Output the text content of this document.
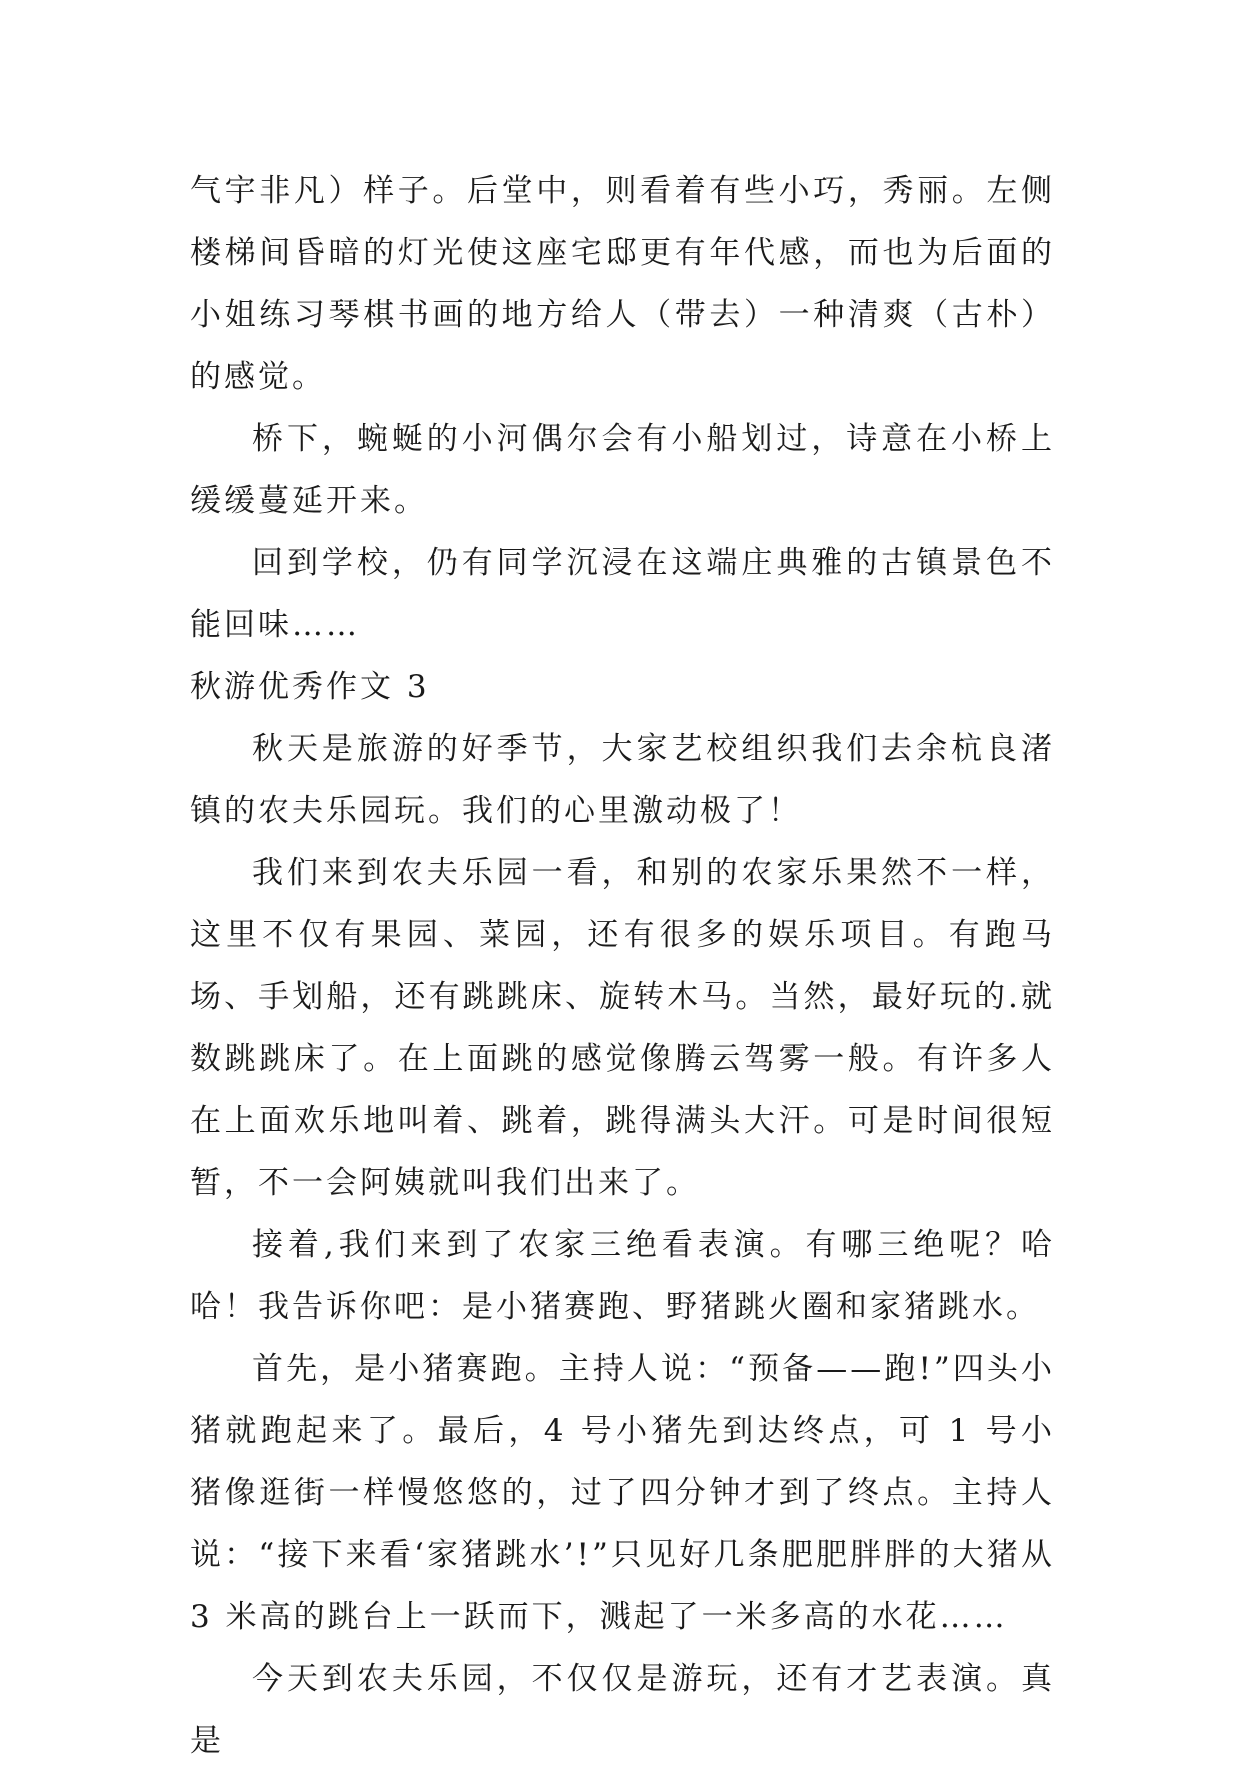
气宇非凡）样子。后堂中，则看着有些小巧，秀丽。左侧楼梯间昏暗的灯光使这座宅邸更有年代感，而也为后面的小姐练习琴棋书画的地方给人（带去）一种清爽（古朴）的感觉。

桥下，蜿蜒的小河偶尔会有小船划过，诗意在小桥上缓缓蔓延开来。

回到学校，仍有同学沉浸在这端庄典雅的古镇景色不能回味……

秋游优秀作文 3

秋天是旅游的好季节，大家艺校组织我们去余杭良渚镇的农夫乐园玩。我们的心里激动极了！

我们来到农夫乐园一看，和别的农家乐果然不一样，这里不仅有果园、菜园，还有很多的娱乐项目。有跑马场、手划船，还有跳跳床、旋转木马。当然，最好玩的.就数跳跳床了。在上面跳的感觉像腾云驾雾一般。有许多人在上面欢乐地叫着、跳着，跳得满头大汗。可是时间很短暂，不一会阿姨就叫我们出来了。

接着,我们来到了农家三绝看表演。有哪三绝呢？哈哈！我告诉你吧：是小猪赛跑、野猪跳火圈和家猪跳水。

首先，是小猪赛跑。主持人说：“预备——跑!”四头小猪就跑起来了。最后，4 号小猪先到达终点，可 1 号小猪像逛街一样慢悠悠的，过了四分钟才到了终点。主持人说：“接下来看‘家猪跳水’!”只见好几条肥肥胖胖的大猪从 3 米高的跳台上一跃而下，溅起了一米多高的水花……

今天到农夫乐园，不仅仅是游玩，还有才艺表演。真是
